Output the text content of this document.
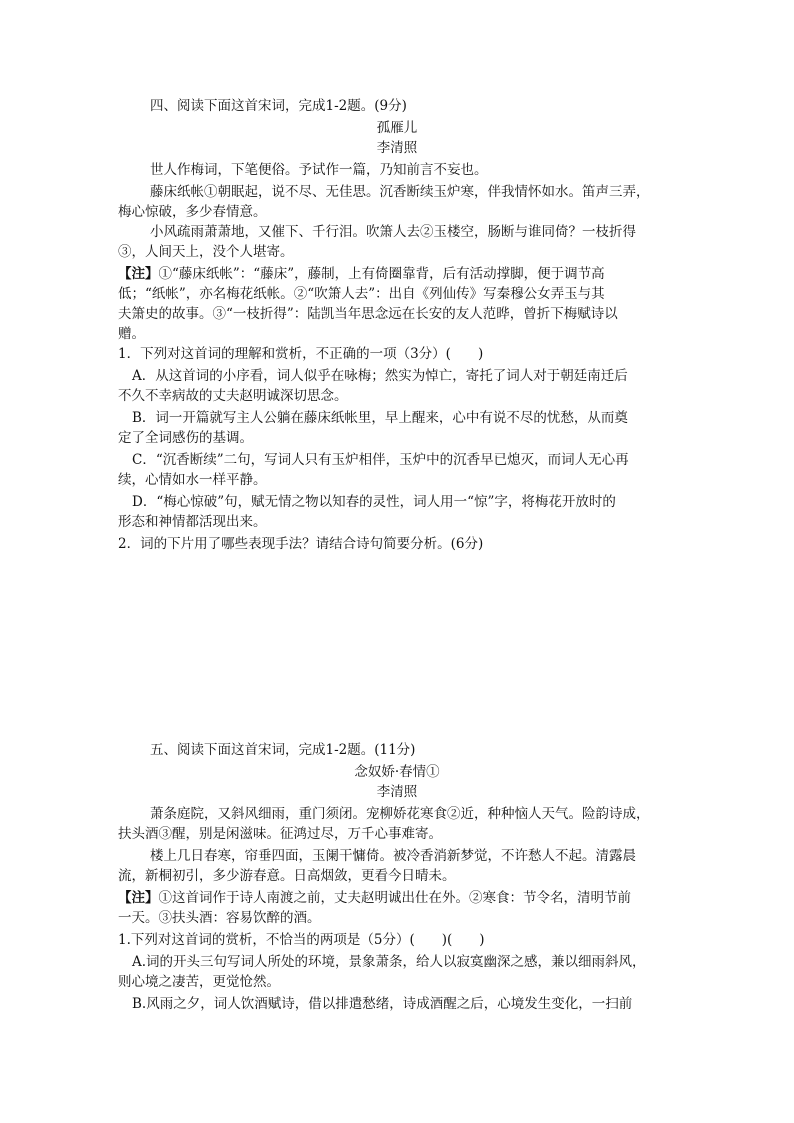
四、阅读下面这首宋词，完成1-2题。(9分)
孤雁儿
李清照
世人作梅词，下笔便俗。予试作一篇，乃知前言不妄也。
藤床纸帐①朝眠起，说不尽、无佳思。沉香断续玉炉寒，伴我情怀如水。笛声三弄，
梅心惊破，多少春情意。
小风疏雨萧萧地，又催下、千行泪。吹箫人去②玉楼空，肠断与谁同倚？一枝折得
③，人间天上，没个人堪寄。
【注】①“藤床纸帐”：“藤床”，藤制，上有倚圈靠背，后有活动撑脚，便于调节高
低；“纸帐”，亦名梅花纸帐。②“吹箫人去”：出自《列仙传》写秦穆公女弄玉与其
夫箫史的故事。③“一枝折得”：陆凯当年思念远在长安的友人范晔，曾折下梅赋诗以
赠。
1．下列对这首词的理解和赏析，不正确的一项（3分）(　　)
A．从这首词的小序看，词人似乎在咏梅；然实为悼亡，寄托了词人对于朝廷南迁后
不久不幸病故的丈夫赵明诚深切思念。
B．词一开篇就写主人公躺在藤床纸帐里，早上醒来，心中有说不尽的忧愁，从而奠
定了全词感伤的基调。
C．“沉香断续”二句，写词人只有玉炉相伴，玉炉中的沉香早已熄灭，而词人无心再
续，心情如水一样平静。
D．“梅心惊破”句，赋无情之物以知春的灵性，词人用一“惊”字，将梅花开放时的
形态和神情都活现出来。
2．词的下片用了哪些表现手法？请结合诗句简要分析。(6分)
五、阅读下面这首宋词，完成1-2题。(11分)
念奴娇·春情①
李清照
萧条庭院，又斜风细雨，重门须闭。宠柳娇花寒食②近，种种恼人天气。险韵诗成，
扶头酒③醒，别是闲滋味。征鸿过尽，万千心事难寄。
楼上几日春寒，帘垂四面，玉阑干慵倚。被冷香消新梦觉，不许愁人不起。清露晨
流，新桐初引，多少游春意。日高烟敛，更看今日晴未。
【注】①这首词作于诗人南渡之前，丈夫赵明诚出仕在外。②寒食：节令名，清明节前
一天。③扶头酒：容易饮醉的酒。
1.下列对这首词的赏析，不恰当的两项是（5分）(　　)(　　)
A.词的开头三句写词人所处的环境，景象萧条，给人以寂寞幽深之感，兼以细雨斜风，
则心境之凄苦，更觉怆然。
B.风雨之夕，词人饮酒赋诗，借以排遣愁绪，诗成酒醒之后，心境发生变化，一扫前
